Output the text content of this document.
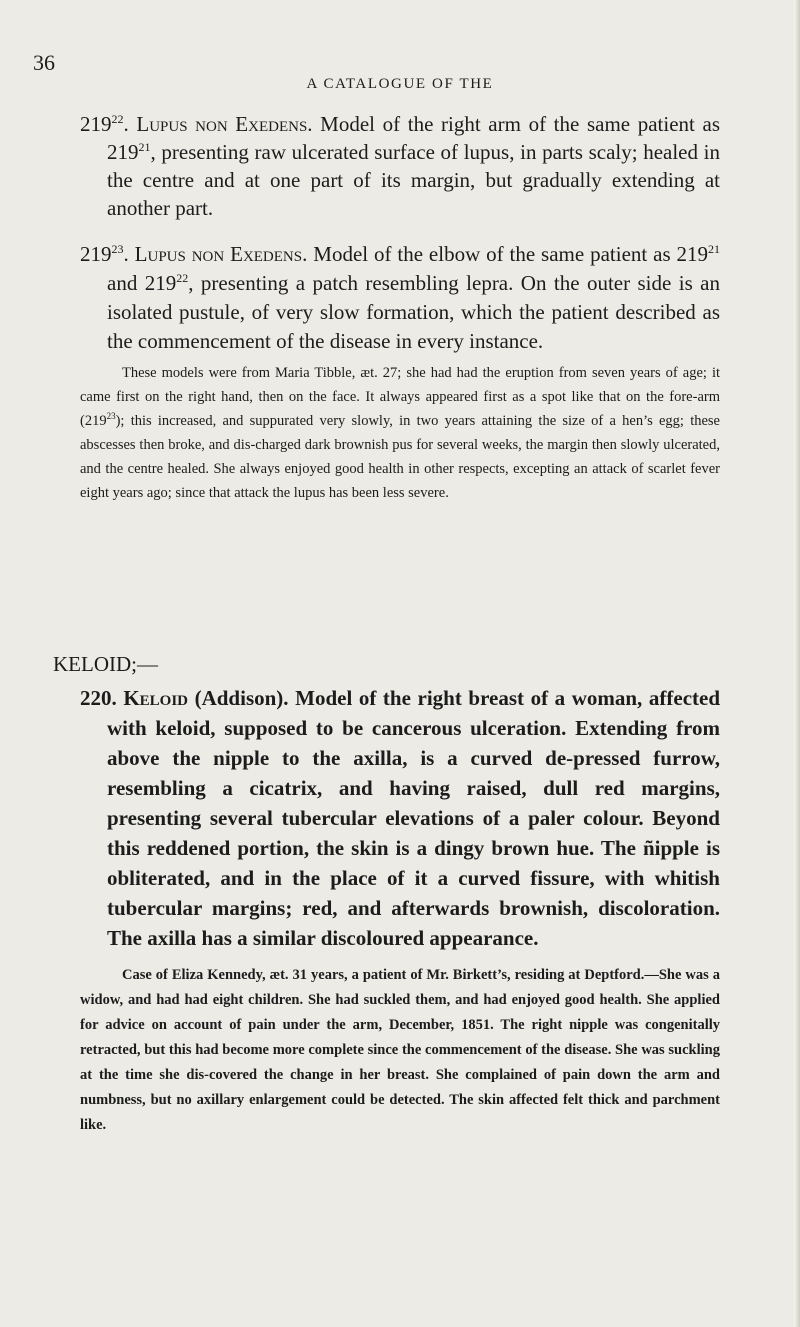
36
A CATALOGUE OF THE

$219^{22}$. Lupus non Exedens. Model of the right arm of the same patient as $219^{21}$, presenting raw ulcerated surface of lupus, in parts scaly; healed in the centre and at one part of its margin, but gradually extending at another part.

$219^{23}$. Lupus non Exedens. Model of the elbow of the same patient as $219^{21}$ and $219^{22}$, presenting a patch resembling lepra. On the outer side is an isolated pustule, of very slow formation, which the patient described as the commencement of the disease in every instance.

These models were from Maria Tibble, æt. 27; she had had the eruption from seven years of age; it came first on the right hand, then on the face. It always appeared first as a spot like that on the fore-arm $(219^{23})$; this increased, and suppurated very slowly, in two years attaining the size of a hen’s egg; these abscesses then broke, and dis-charged dark brownish pus for several weeks, the margin then slowly ulcerated, and the centre healed. She always enjoyed good health in other respects, excepting an attack of scarlet fever eight years ago; since that attack the lupus has been less severe.

KELOID;—

220. Keloid (Addison). Model of the right breast of a woman, affected with keloid, supposed to be cancerous ulceration. Extending from above the nipple to the axilla, is a curved de-pressed furrow, resembling a cicatrix, and having raised, dull red margins, presenting several tubercular elevations of a paler colour. Beyond this reddened portion, the skin is a dingy brown hue. The ñipple is obliterated, and in the place of it a curved fissure, with whitish tubercular margins; red, and afterwards brownish, discoloration. The axilla has a similar discoloured appearance.

Case of Eliza Kennedy, æt. 31 years, a patient of Mr. Birkett’s, residing at Deptford.—She was a widow, and had had eight children. She had suckled them, and had enjoyed good health. She applied for advice on account of pain under the arm, December, 1851. The right nipple was congenitally retracted, but this had become more complete since the commencement of the disease. She was suckling at the time she dis-covered the change in her breast. She complained of pain down the arm and numbness, but no axillary enlargement could be detected. The skin affected felt thick and parchment like.
